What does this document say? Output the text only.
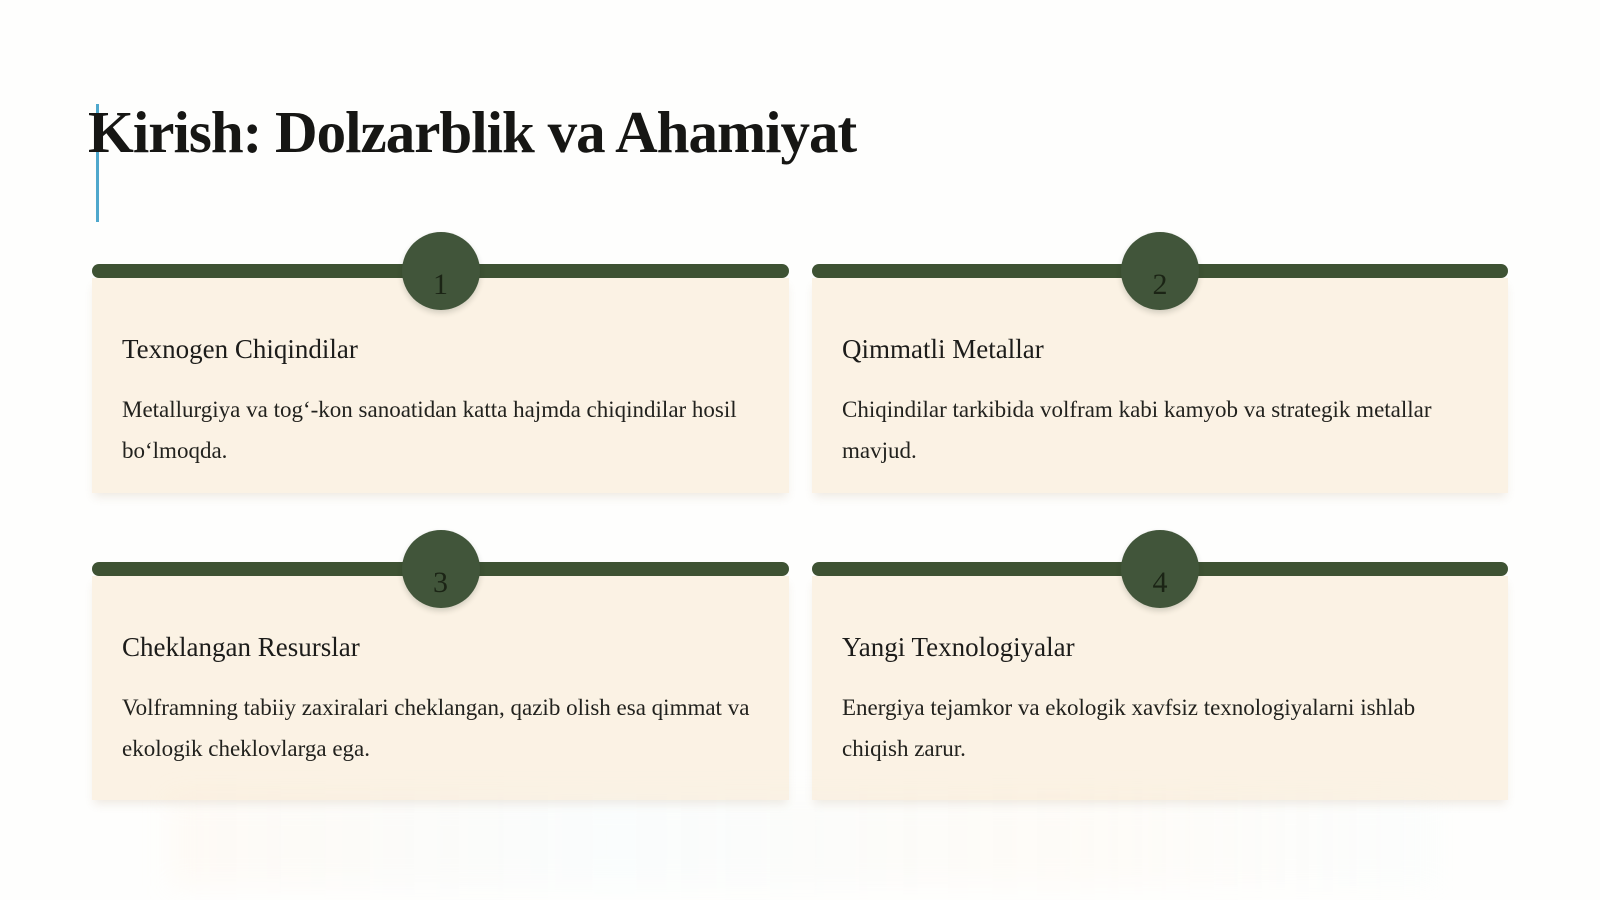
Kirish: Dolzarblik va Ahamiyat
1
Texnogen Chiqindilar

Metallurgiya va togʻ-kon sanoatidan katta hajmda chiqindilar hosil boʻlmoqda.

2
Qimmatli Metallar

Chiqindilar tarkibida volfram kabi kamyob va strategik metallar mavjud.

3
Cheklangan Resurslar

Volframning tabiiy zaxiralari cheklangan, qazib olish esa qimmat va ekologik cheklovlarga ega.

4
Yangi Texnologiyalar

Energiya tejamkor va ekologik xavfsiz texnologiyalarni ishlab chiqish zarur.
